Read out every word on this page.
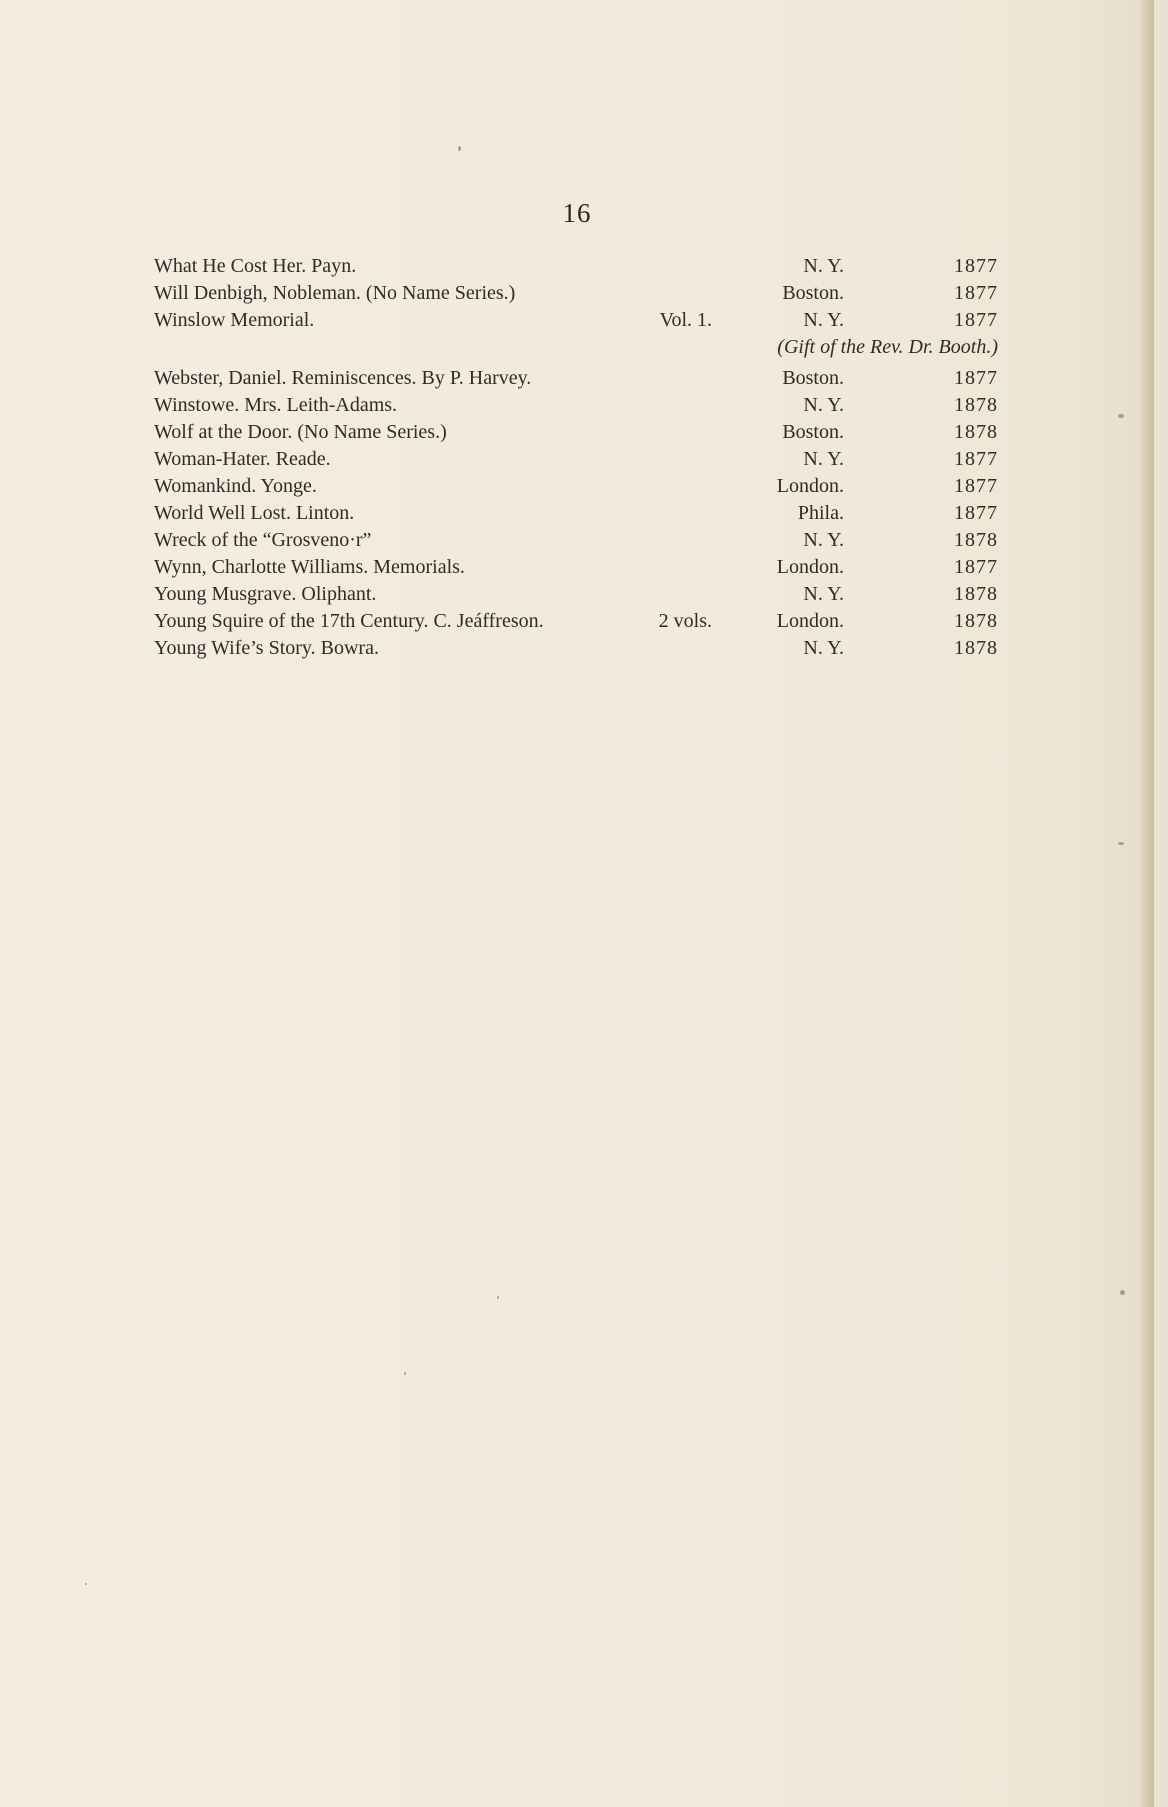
16
What He Cost Her. Payn.	N. Y.	1877
Will Denbigh, Nobleman. (No Name Series.)	Boston.	1877
Winslow Memorial.	Vol. 1.	N. Y.	1877
(Gift of the Rev. Dr. Booth.)
Webster, Daniel. Reminiscences. By P. Harvey.	Boston.	1877
Winstowe. Mrs. Leith-Adams.	N. Y.	1878
Wolf at the Door. (No Name Series.)	Boston.	1878
Woman-Hater. Reade.	N. Y.	1877
Womankind. Yonge.	London.	1877
World Well Lost. Linton.	Phila.	1877
Wreck of the “Grosveno·r”	N. Y.	1878
Wynn, Charlotte Williams. Memorials.	London.	1877
Young Musgrave. Oliphant.	N. Y.	1878
Young Squire of the 17th Century. C. Jeáffreson.	2 vols.	London.	1878
Young Wife’s Story. Bowra.	N. Y.	1878
